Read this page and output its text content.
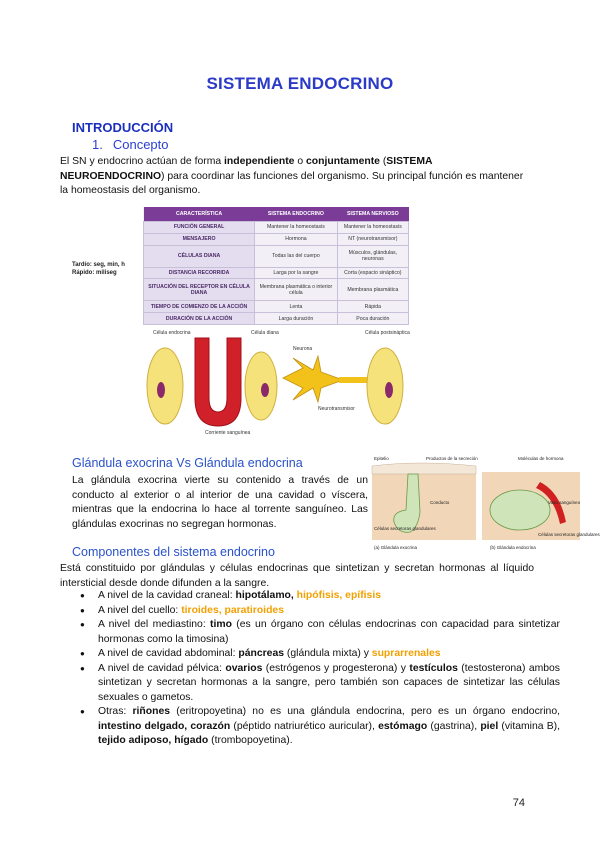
SISTEMA ENDOCRINO
INTRODUCCIÓN
1. Concepto
El SN y endocrino actúan de forma independiente o conjuntamente (SISTEMA NEUROENDOCRINO) para coordinar las funciones del organismo. Su principal función es mantener la homeostasis del organismo.
CARACTERÍSTICA	SISTEMA ENDOCRINO	SISTEMA NERVIOSO
FUNCIÓN GENERAL	Mantener la homeostasis	Mantener la homeostasis
MENSAJERO	Hormona	NT (neurotransmisor)
CÉLULAS DIANA	Todas las del cuerpo	Músculos, glándulas, neuronas
DISTANCIA RECORRIDA	Larga por la sangre	Corta (espacio sináptico)
SITUACIÓN DEL RECEPTOR EN CÉLULA DIANA	Membrana plasmática o interior célula	Membrana plasmática
TIEMPO DE COMIENZO DE LA ACCIÓN	Lenta	Rápida
DURACIÓN DE LA ACCIÓN	Larga duración	Poca duración
Tardío: seg, min, h
Rápido: miliseg
Célula endocrina	Célula diana
Corriente sanguínea
Neurona
Neurotransmisor
Célula postsináptica
Glándula exocrina Vs Glándula endocrina
La glándula exocrina vierte su contenido a través de un conducto al exterior o al interior de una cavidad o víscera, mientras que la endocrina lo hace al torrente sanguíneo. Las glándulas exocrinas no segregan hormonas.
Epitelio	Productos de la secreción
Conducto
Células secretoras glandulares
(a) Glándula exocrina
Moléculas de hormona
Vaso sanguíneo
Células secretoras glandulares
(b) Glándula endocrina
Componentes del sistema endocrino
Está constituido por glándulas y células endocrinas que sintetizan y secretan hormonas al líquido intersticial desde donde difunden a la sangre.
● A nivel de la cavidad craneal: hipotálamo, hipófisis, epífisis
● A nivel del cuello: tiroides, paratiroides
● A nivel del mediastino: timo (es un órgano con células endocrinas con capacidad para sintetizar hormonas como la timosina)
● A nivel de cavidad abdominal: páncreas (glándula mixta) y suprarrenales
● A nivel de cavidad pélvica: ovarios (estrógenos y progesterona) y testículos (testosterona) ambos sintetizan y secretan hormonas a la sangre, pero también son capaces de sintetizar las células sexuales o gametos.
● Otras: riñones (eritropoyetina) no es una glándula endocrina, pero es un órgano endocrino, intestino delgado, corazón (péptido natriurético auricular), estómago (gastrina), piel (vitamina B), tejido adiposo, hígado (trombopoyetina).
74
